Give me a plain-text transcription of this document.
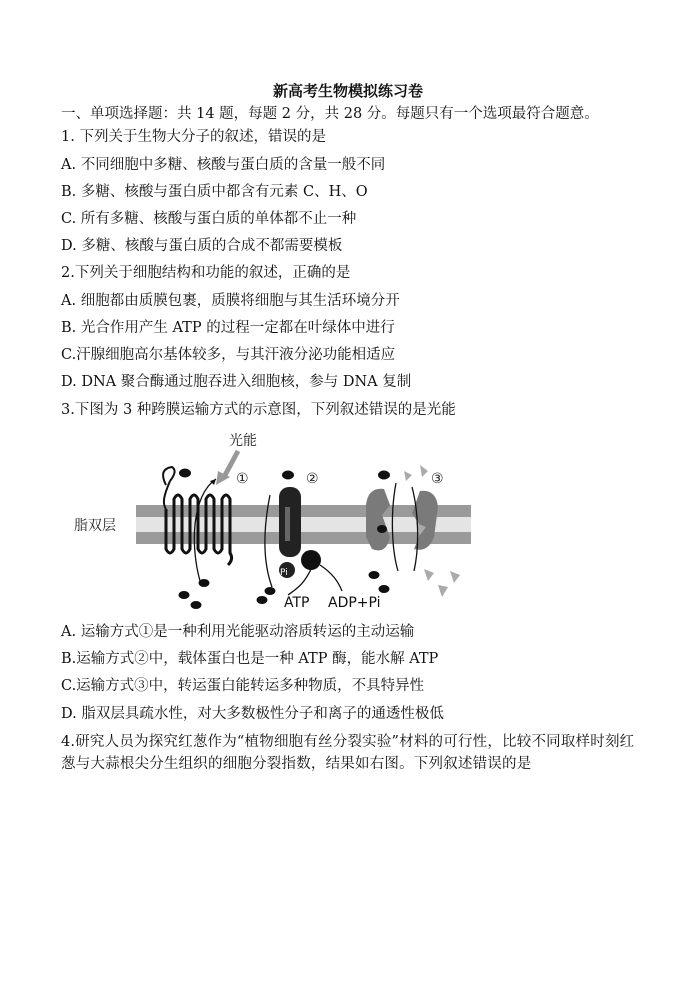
新高考生物模拟练习卷
一、单项选择题：共 14 题，每题 2 分，共 28 分。每题只有一个选项最符合题意。
1. 下列关于生物大分子的叙述，错误的是
A. 不同细胞中多糖、核酸与蛋白质的含量一般不同
B. 多糖、核酸与蛋白质中都含有元素 C、H、O
C. 所有多糖、核酸与蛋白质的单体都不止一种
D. 多糖、核酸与蛋白质的合成不都需要模板
2.下列关于细胞结构和功能的叙述，正确的是
A. 细胞都由质膜包裹，质膜将细胞与其生活环境分开
B. 光合作用产生 ATP 的过程一定都在叶绿体中进行
C.汗腺细胞高尔基体较多，与其汗液分泌功能相适应
D. DNA 聚合酶通过胞吞进入细胞核，参与 DNA 复制
3.下图为 3 种跨膜运输方式的示意图，下列叙述错误的是光能
脂双层
光能
①	②	③
Pi
ATP ADP+Pi
A. 运输方式①是一种利用光能驱动溶质转运的主动运输
B.运输方式②中，载体蛋白也是一种 ATP 酶，能水解 ATP
C.运输方式③中，转运蛋白能转运多种物质，不具特异性
D. 脂双层具疏水性，对大多数极性分子和离子的通透性极低
4.研究人员为探究红葱作为“植物细胞有丝分裂实验”材料的可行性，比较不同取样时刻红葱与大蒜根尖分生组织的细胞分裂指数，结果如右图。下列叙述错误的是
